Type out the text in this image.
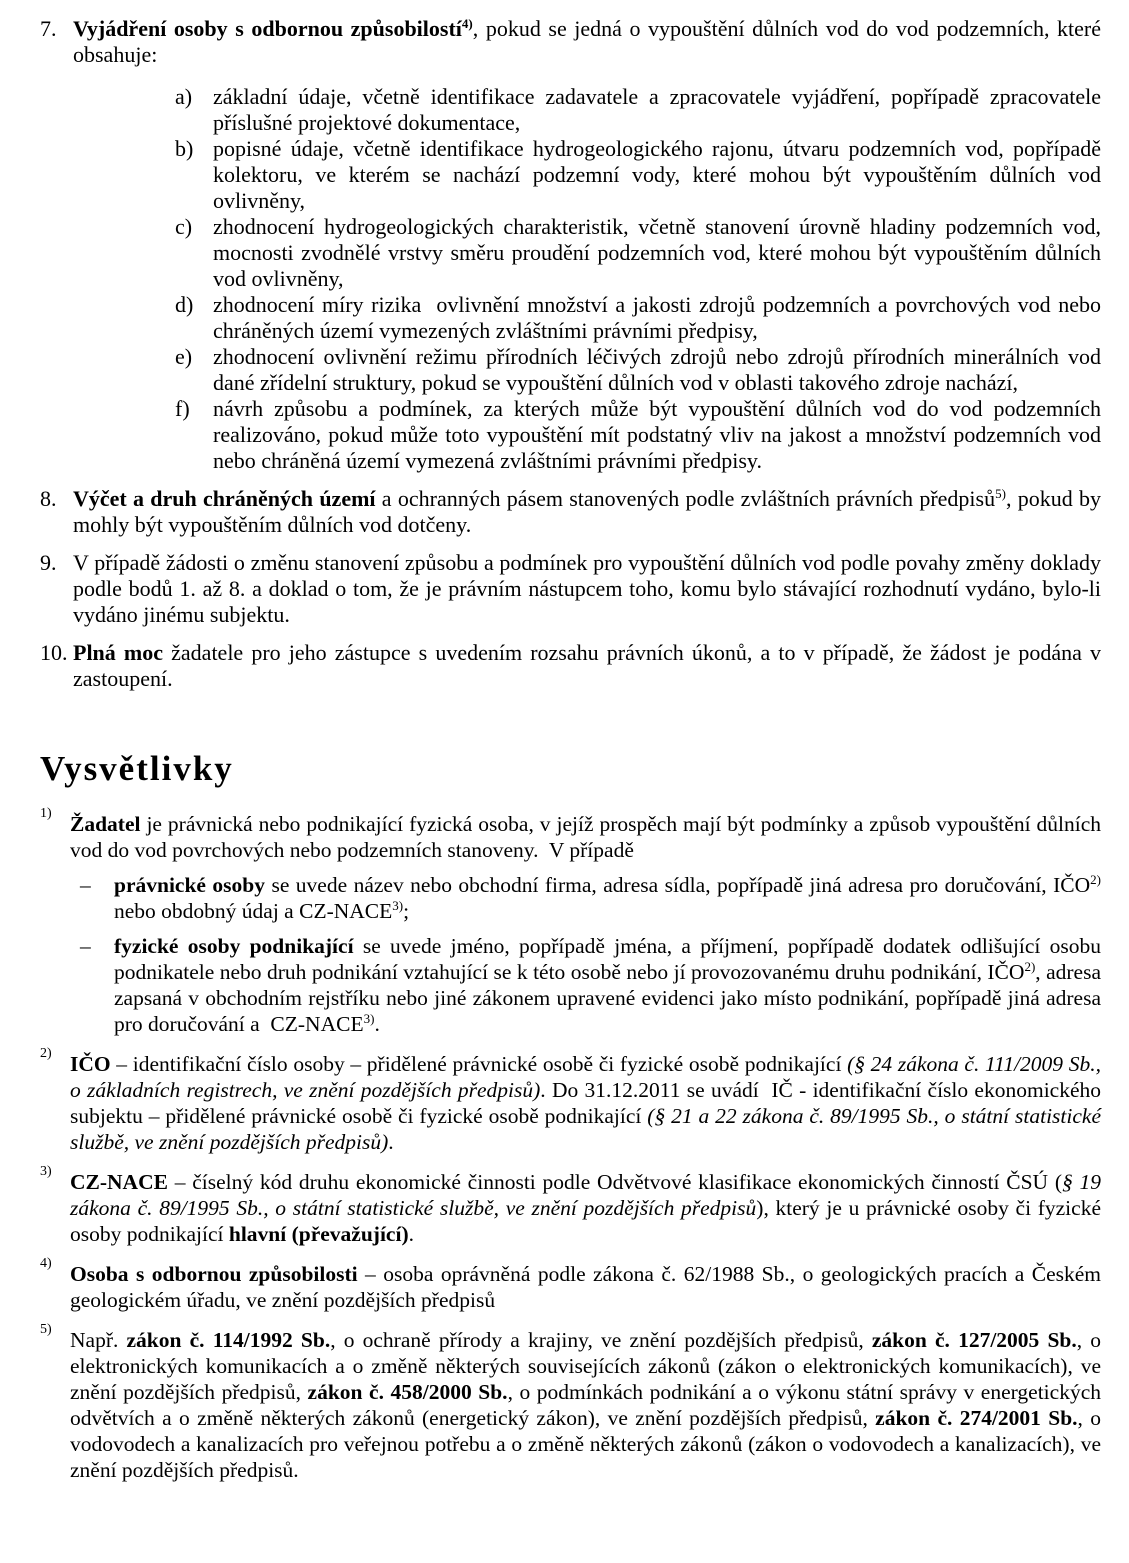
7. Vyjádření osoby s odbornou způsobilostí$^{4)}$, pokud se jedná o vypouštění důlních vod do vod podzemních, které obsahuje:
a) základní údaje, včetně identifikace zadavatele a zpracovatele vyjádření, popřípadě zpracovatele příslušné projektové dokumentace,
b) popisné údaje, včetně identifikace hydrogeologického rajonu, útvaru podzemních vod, popřípadě kolektoru, ve kterém se nachází podzemní vody, které mohou být vypouštěním důlních vod ovlivněny,
c) zhodnocení hydrogeologických charakteristik, včetně stanovení úrovně hladiny podzemních vod, mocnosti zvodnělé vrstvy směru proudění podzemních vod, které mohou být vypouštěním důlních vod ovlivněny,
d) zhodnocení míry rizika  ovlivnění množství a jakosti zdrojů podzemních a povrchových vod nebo chráněných území vymezených zvláštními právními předpisy,
e) zhodnocení ovlivnění režimu přírodních léčivých zdrojů nebo zdrojů přírodních minerálních vod dané zřídelní struktury, pokud se vypouštění důlních vod v oblasti takového zdroje nachází,
f) návrh způsobu a podmínek, za kterých může být vypouštění důlních vod do vod podzemních realizováno, pokud může toto vypouštění mít podstatný vliv na jakost a množství podzemních vod nebo chráněná území vymezená zvláštními právními předpisy.
8. Výčet a druh chráněných území a ochranných pásem stanovených podle zvláštních právních předpisů$^{5)}$, pokud by mohly být vypouštěním důlních vod dotčeny.
9. V případě žádosti o změnu stanovení způsobu a podmínek pro vypouštění důlních vod podle povahy změny doklady podle bodů 1. až 8. a doklad o tom, že je právním nástupcem toho, komu bylo stávající rozhodnutí vydáno, bylo-li vydáno jinému subjektu.
10. Plná moc žadatele pro jeho zástupce s uvedením rozsahu právních úkonů, a to v případě, že žádost je podána v zastoupení.
Vysvětlivky
1) Žadatel je právnická nebo podnikající fyzická osoba, v jejíž prospěch mají být podmínky a způsob vypouštění důlních vod do vod povrchových nebo podzemních stanoveny.  V případě
– právnické osoby se uvede název nebo obchodní firma, adresa sídla, popřípadě jiná adresa pro doručování, IČO$^{2)}$ nebo obdobný údaj a CZ-NACE$^{3)}$;
– fyzické osoby podnikající se uvede jméno, popřípadě jména, a příjmení, popřípadě dodatek odlišující osobu podnikatele nebo druh podnikání vztahující se k této osobě nebo jí provozovanému druhu podnikání, IČO$^{2)}$, adresa zapsaná v obchodním rejstříku nebo jiné zákonem upravené evidenci jako místo podnikání, popřípadě jiná adresa pro doručování a  CZ-NACE$^{3)}$.
2) IČO – identifikační číslo osoby – přidělené právnické osobě či fyzické osobě podnikající (§ 24 zákona č. 111/2009 Sb., o základních registrech, ve znění pozdějších předpisů). Do 31.12.2011 se uvádí  IČ - identifikační číslo ekonomického subjektu – přidělené právnické osobě či fyzické osobě podnikající (§ 21 a 22 zákona č. 89/1995 Sb., o státní statistické službě, ve znění pozdějších předpisů).
3) CZ-NACE – číselný kód druhu ekonomické činnosti podle Odvětvové klasifikace ekonomických činností ČSÚ (§ 19 zákona č. 89/1995 Sb., o státní statistické službě, ve znění pozdějších předpisů), který je u právnické osoby či fyzické osoby podnikající hlavní (převažující).
4) Osoba s odbornou způsobilosti – osoba oprávněná podle zákona č. 62/1988 Sb., o geologických pracích a Českém geologickém úřadu, ve znění pozdějších předpisů
5) Např. zákon č. 114/1992 Sb., o ochraně přírody a krajiny, ve znění pozdějších předpisů, zákon č. 127/2005 Sb., o elektronických komunikacích a o změně některých souvisejících zákonů (zákon o elektronických komunikacích), ve znění pozdějších předpisů, zákon č. 458/2000 Sb., o podmínkách podnikání a o výkonu státní správy v energetických odvětvích a o změně některých zákonů (energetický zákon), ve znění ​pozdějších předpisů, zákon č. 274/2001 Sb., o vodovodech a kanalizacích pro veřejnou potřebu a o změně některých zákonů (zákon o vodovodech a kanalizacích), ve znění pozdějších předpisů.
